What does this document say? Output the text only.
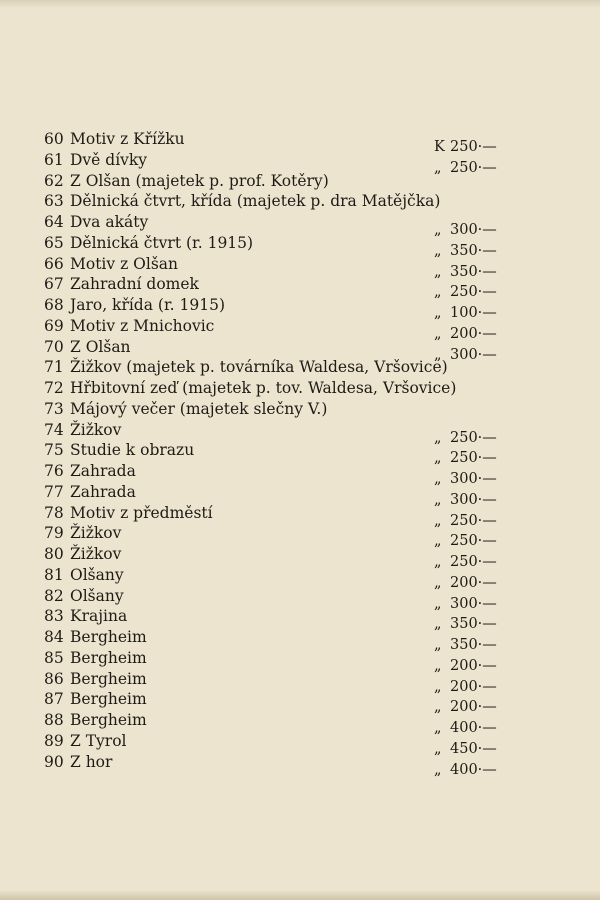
60 Motiv z Křížku	K 250·—
61 Dvě dívky	„ 250·—
62 Z Olšan (majetek p. prof. Kotěry)
63 Dělnická čtvrt, křída (majetek p. dra Matějčka)
64 Dva akáty	„ 300·—
65 Dělnická čtvrt (r. 1915)	„ 350·—
66 Motiv z Olšan	„ 350·—
67 Zahradní domek	„ 250·—
68 Jaro, křída (r. 1915)	„ 100·—
69 Motiv z Mnichovic	„ 200·—
70 Z Olšan	„ 300·—
71 Žižkov (majetek p. továrníka Waldesa, Vršovice)
72 Hřbitovní zeď (majetek p. tov. Waldesa, Vršovice)
73 Májový večer (majetek slečny V.)
74 Žižkov	„ 250·—
75 Studie k obrazu	„ 250·—
76 Zahrada	„ 300·—
77 Zahrada	„ 300·—
78 Motiv z předměstí	„ 250·—
79 Žižkov	„ 250·—
80 Žižkov	„ 250·—
81 Olšany	„ 200·—
82 Olšany	„ 300·—
83 Krajina	„ 350·—
84 Bergheim	„ 350·—
85 Bergheim	„ 200·—
86 Bergheim	„ 200·—
87 Bergheim	„ 200·—
88 Bergheim	„ 400·—
89 Z Tyrol	„ 450·—
90 Z hor	„ 400·—
